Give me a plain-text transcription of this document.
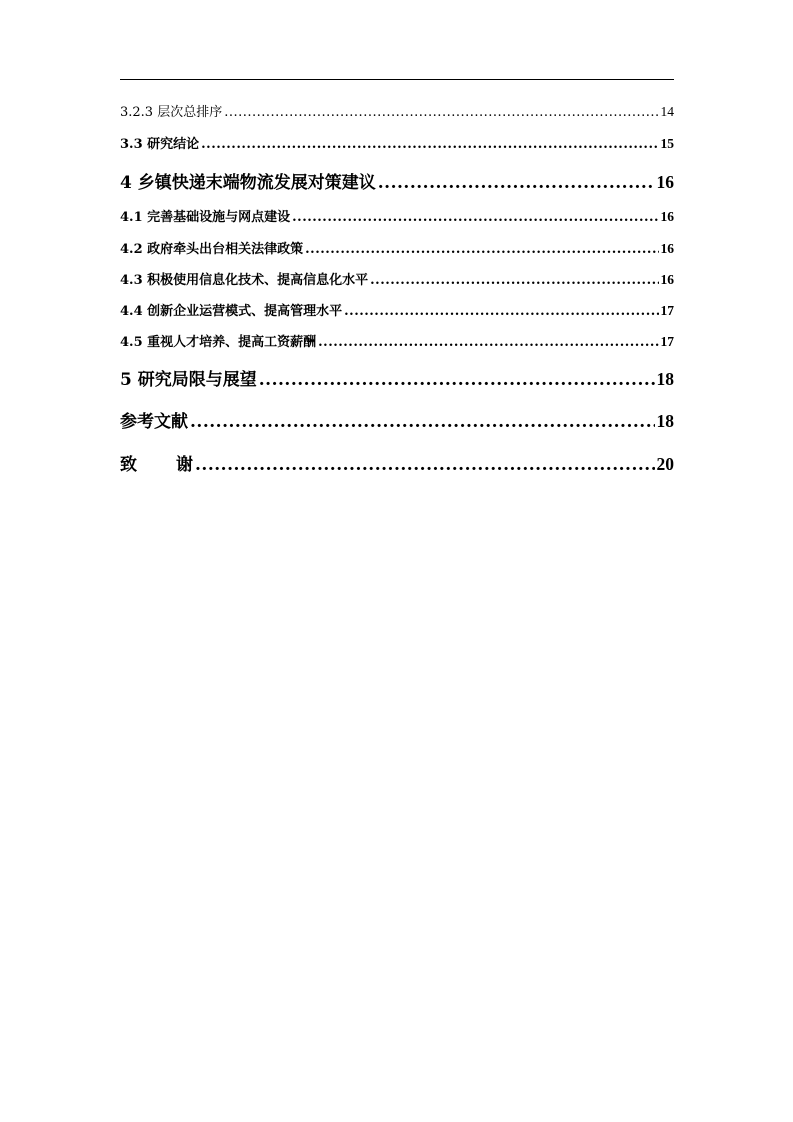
3.2.3 层次总排序 .....	14
3.3 研究结论 .....	15
4 乡镇快递末端物流发展对策建议 .....	16
4.1 完善基础设施与网点建设 .....	16
4.2 政府牵头出台相关法律政策 .....	16
4.3 积极使用信息化技术、提高信息化水平 .....	16
4.4 创新企业运营模式、提高管理水平 .....	17
4.5 重视人才培养、提高工资薪酬 .....	17
5 研究局限与展望 .....	18
参考文献 .....	18
致 谢 .....	20
